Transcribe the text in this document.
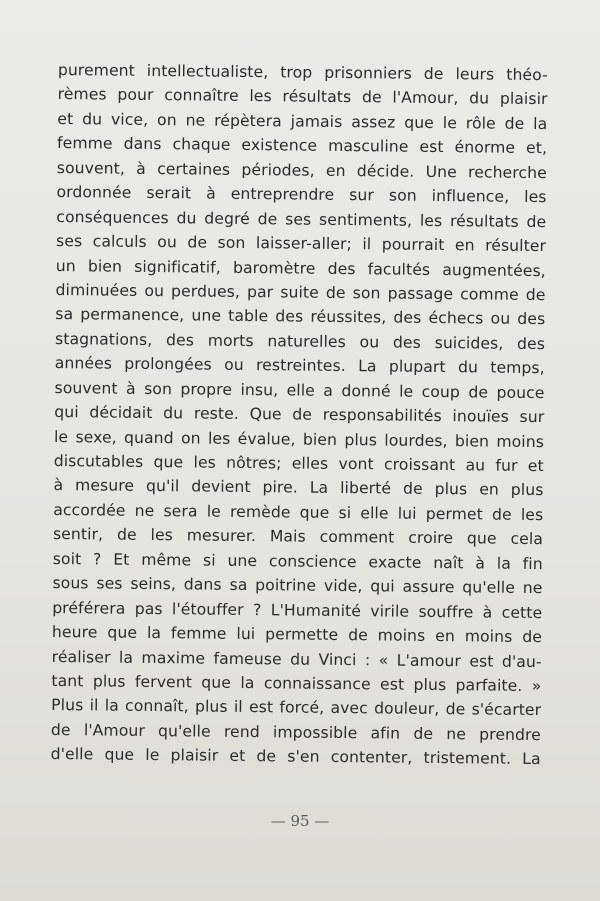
purement intellectualiste, trop prisonniers de leurs théo-
rèmes pour connaître les résultats de l'Amour, du plaisir
et du vice, on ne répètera jamais assez que le rôle de la
femme dans chaque existence masculine est énorme et,
souvent, à certaines périodes, en décide. Une recherche
ordonnée serait à entreprendre sur son influence, les
conséquences du degré de ses sentiments, les résultats de
ses calculs ou de son laisser-aller; il pourrait en résulter
un bien significatif, baromètre des facultés augmentées,
diminuées ou perdues, par suite de son passage comme de
sa permanence, une table des réussites, des échecs ou des
stagnations, des morts naturelles ou des suicides, des
années prolongées ou restreintes. La plupart du temps,
souvent à son propre insu, elle a donné le coup de pouce
qui décidait du reste. Que de responsabilités inouïes sur
le sexe, quand on les évalue, bien plus lourdes, bien moins
discutables que les nôtres; elles vont croissant au fur et
à mesure qu'il devient pire. La liberté de plus en plus
accordée ne sera le remède que si elle lui permet de les
sentir, de les mesurer. Mais comment croire que cela
soit ? Et même si une conscience exacte naît à la fin
sous ses seins, dans sa poitrine vide, qui assure qu'elle ne
préférera pas l'étouffer ? L'Humanité virile souffre à cette
heure que la femme lui permette de moins en moins de
réaliser la maxime fameuse du Vinci : « L'amour est d'au-
tant plus fervent que la connaissance est plus parfaite. »
Plus il la connaît, plus il est forcé, avec douleur, de s'écarter
de l'Amour qu'elle rend impossible afin de ne prendre
d'elle que le plaisir et de s'en contenter, tristement. La
— 95 —
